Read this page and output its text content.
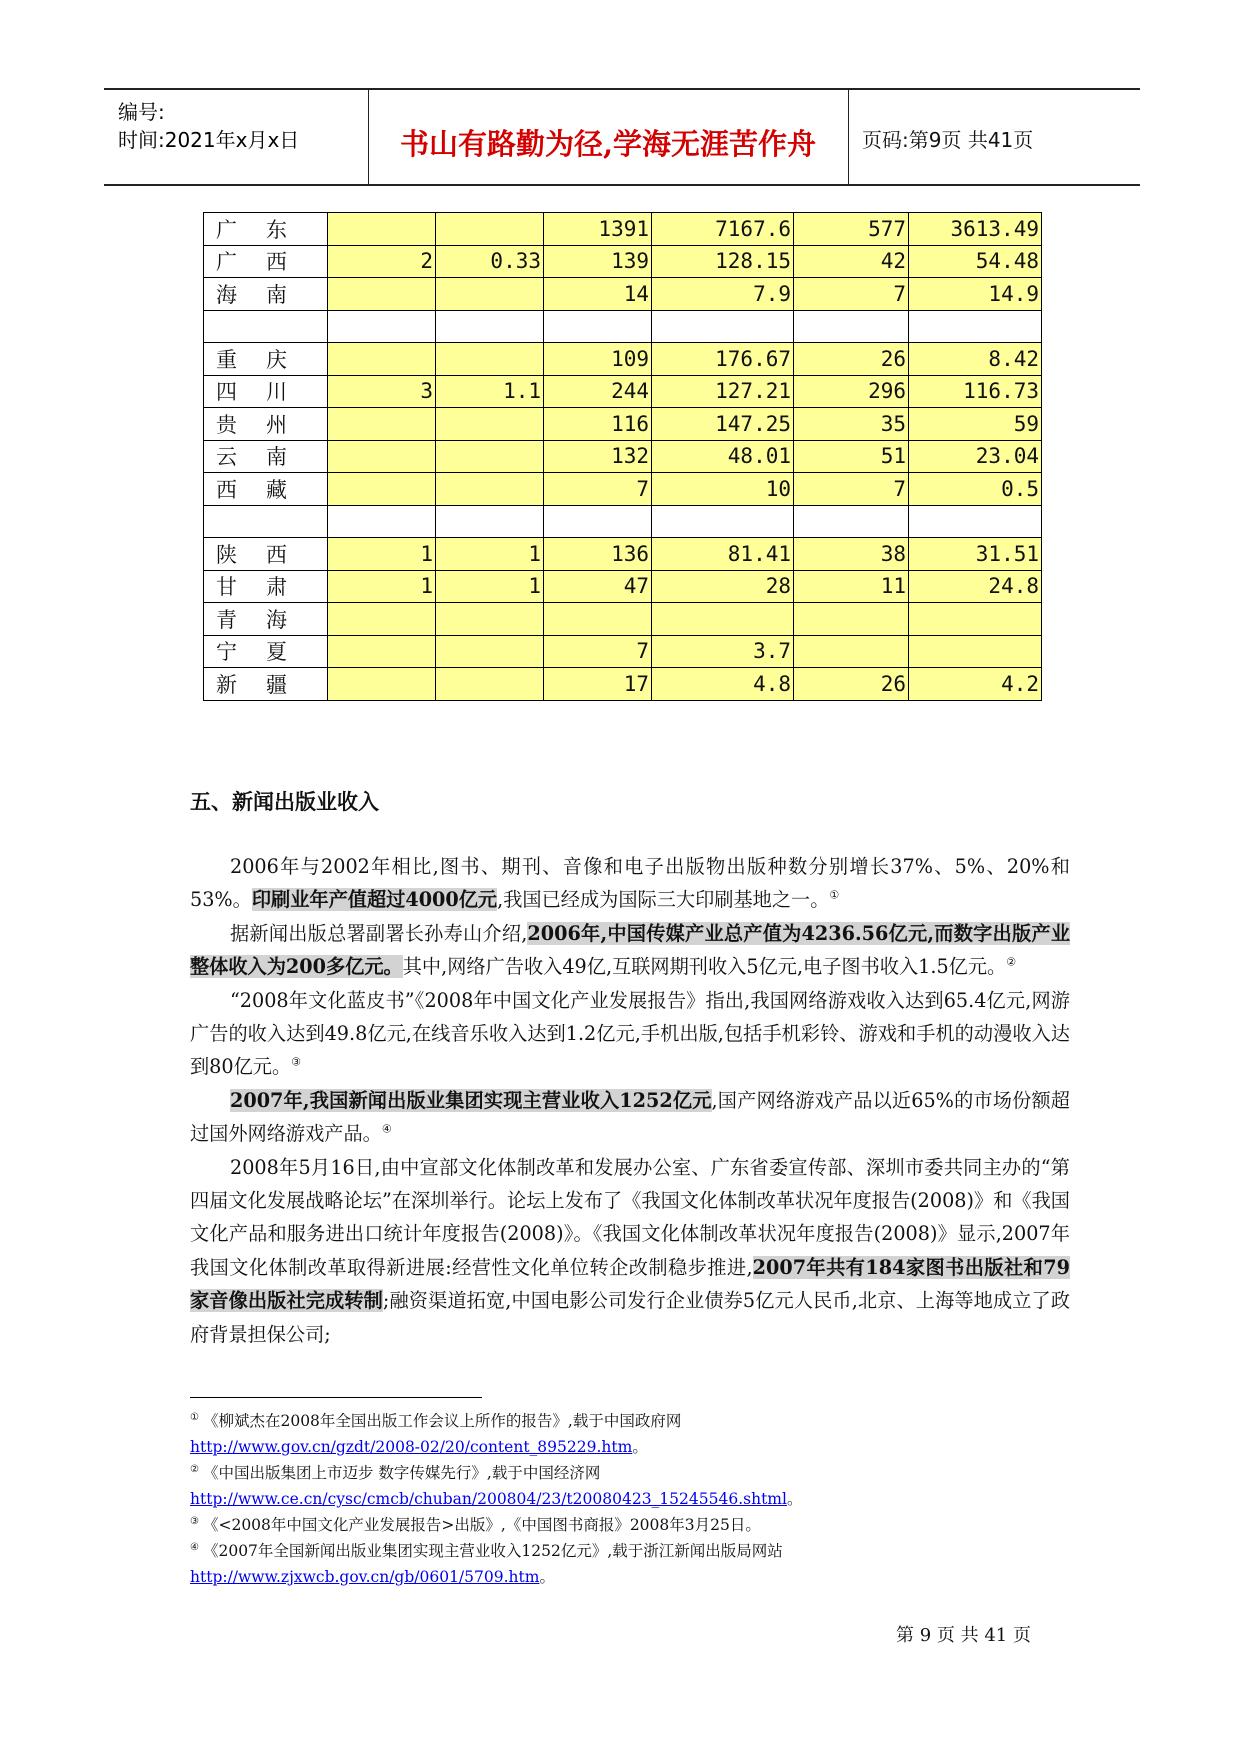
编号:
时间:2021年x月x日	书山有路勤为径,学海无涯苦作舟	页码:第9页 共41页
广 东			1391	7167.6	577	3613.49
广 西	2	0.33	139	128.15	42	54.48
海 南			14	7.9	7	14.9

重 庆			109	176.67	26	8.42
四 川	3	1.1	244	127.21	296	116.73
贵 州			116	147.25	35	59
云 南			132	48.01	51	23.04
西 藏			7	10	7	0.5

陕 西	1	1	136	81.41	38	31.51
甘 肃	1	1	47	28	11	24.8
青 海						
宁 夏			7	3.7		
新 疆			17	4.8	26	4.2
五、新闻出版业收入

2006年与2002年相比,图书、期刊、音像和电子出版物出版种数分别增长37%、5%、20%和53%。印刷业年产值超过4000亿元,我国已经成为国际三大印刷基地之一。①

据新闻出版总署副署长孙寿山介绍,2006年,中国传媒产业总产值为4236.56亿元,而数字出版产业整体收入为200多亿元。其中,网络广告收入49亿,互联网期刊收入5亿元,电子图书收入1.5亿元。②

“2008年文化蓝皮书”《2008年中国文化产业发展报告》指出,我国网络游戏收入达到65.4亿元,网游广告的收入达到49.8亿元,在线音乐收入达到1.2亿元,手机出版,包括手机彩铃、游戏和手机的动漫收入达到80亿元。③

2007年,我国新闻出版业集团实现主营业收入1252亿元,国产网络游戏产品以近65%的市场份额超过国外网络游戏产品。④

2008年5月16日,由中宣部文化体制改革和发展办公室、广东省委宣传部、深圳市委共同主办的“第四届文化发展战略论坛”在深圳举行。论坛上发布了《我国文化体制改革状况年度报告(2008)》和《我国文化产品和服务进出口统计年度报告(2008)》。《我国文化体制改革状况年度报告(2008)》显示,2007年我国文化体制改革取得新进展:经营性文化单位转企改制稳步推进,2007年共有184家图书出版社和79家音像出版社完成转制;融资渠道拓宽,中国电影公司发行企业债券5亿元人民币,北京、上海等地成立了政府背景担保公司;

① 《柳斌杰在2008年全国出版工作会议上所作的报告》,载于中国政府网
http://www.gov.cn/gzdt/2008-02/20/content_895229.htm。

② 《中国出版集团上市迈步 数字传媒先行》,载于中国经济网
http://www.ce.cn/cysc/cmcb/chuban/200804/23/t20080423_15245546.shtml。

③ 《<2008年中国文化产业发展报告>出版》,《中国图书商报》2008年3月25日。

④ 《2007年全国新闻出版业集团实现主营业收入1252亿元》,载于浙江新闻出版局网站
http://www.zjxwcb.gov.cn/gb/0601/5709.htm。

第 9 页 共 41 页
